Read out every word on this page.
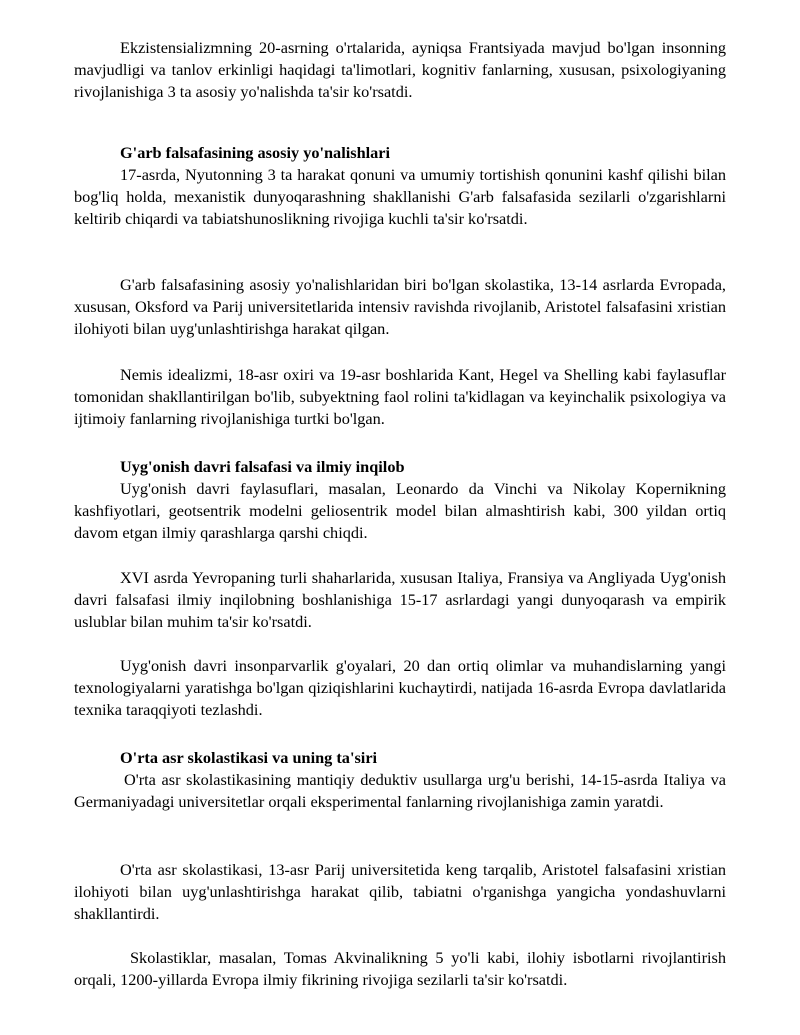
Ekzistensializmning 20-asrning o'rtalarida, ayniqsa Frantsiyada mavjud bo'lgan insonning mavjudligi va tanlov erkinligi haqidagi ta'limotlari, kognitiv fanlarning, xususan, psixologiyaning rivojlanishiga 3 ta asosiy yo'nalishda ta'sir ko'rsatdi.

G'arb falsafasining asosiy yo'nalishlari

17-asrda, Nyutonning 3 ta harakat qonuni va umumiy tortishish qonunini kashf qilishi bilan bog'liq holda, mexanistik dunyoqarashning shakllanishi G'arb falsafasida sezilarli o'zgarishlarni keltirib chiqardi va tabiatshunoslikning rivojiga kuchli ta'sir ko'rsatdi.

G'arb falsafasining asosiy yo'nalishlaridan biri bo'lgan skolastika, 13-14 asrlarda Evropada, xususan, Oksford va Parij universitetlarida intensiv ravishda rivojlanib, Aristotel falsafasini xristian ilohiyoti bilan uyg'unlashtirishga harakat qilgan.

Nemis idealizmi, 18-asr oxiri va 19-asr boshlarida Kant, Hegel va Shelling kabi faylasuflar tomonidan shakllantirilgan bo'lib, subyektning faol rolini ta'kidlagan va keyinchalik psixologiya va ijtimoiy fanlarning rivojlanishiga turtki bo'lgan.

Uyg'onish davri falsafasi va ilmiy inqilob

Uyg'onish davri faylasuflari, masalan, Leonardo da Vinchi va Nikolay Kopernikning kashfiyotlari, geotsentrik modelni geliosentrik model bilan almashtirish kabi, 300 yildan ortiq davom etgan ilmiy qarashlarga qarshi chiqdi.

XVI asrda Yevropaning turli shaharlarida, xususan Italiya, Fransiya va Angliyada Uyg'onish davri falsafasi ilmiy inqilobning boshlanishiga 15-17 asrlardagi yangi dunyoqarash va empirik uslublar bilan muhim ta'sir ko'rsatdi.

Uyg'onish davri insonparvarlik g'oyalari, 20 dan ortiq olimlar va muhandislarning yangi texnologiyalarni yaratishga bo'lgan qiziqishlarini kuchaytirdi, natijada 16-asrda Evropa davlatlarida texnika taraqqiyoti tezlashdi.

O'rta asr skolastikasi va uning ta'siri

O'rta asr skolastikasining mantiqiy deduktiv usullarga urg'u berishi, 14-15-asrda Italiya va Germaniyadagi universitetlar orqali eksperimental fanlarning rivojlanishiga zamin yaratdi.

O'rta asr skolastikasi, 13-asr Parij universitetida keng tarqalib, Aristotel falsafasini xristian ilohiyoti bilan uyg'unlashtirishga harakat qilib, tabiatni o'rganishga yangicha yondashuvlarni shakllantirdi.

Skolastiklar, masalan, Tomas Akvinalikning 5 yo'li kabi, ilohiy isbotlarni rivojlantirish orqali, 1200-yillarda Evropa ilmiy fikrining rivojiga sezilarli ta'sir ko'rsatdi.
